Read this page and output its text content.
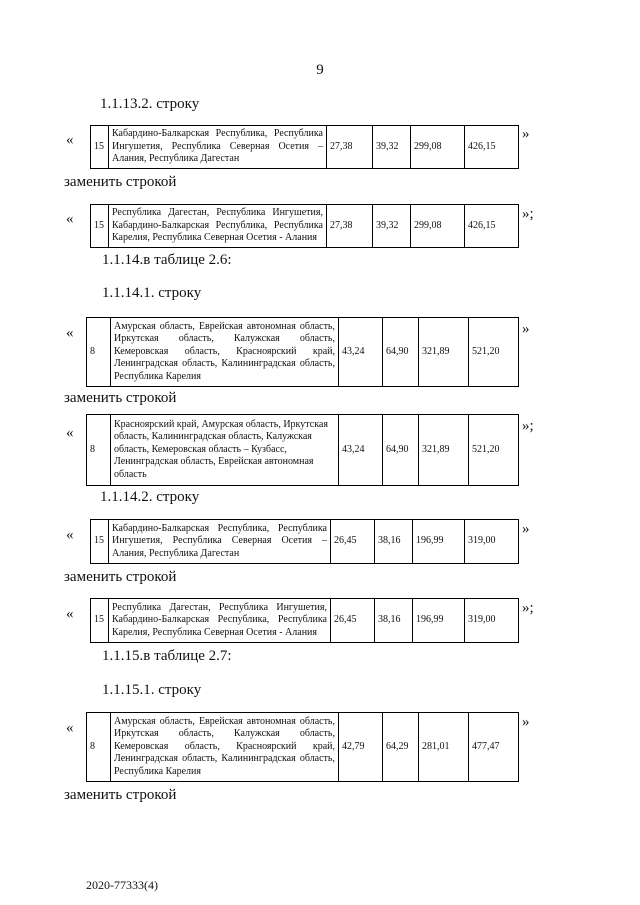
9
1.1.13.2. строку
« 15	Кабардино-Балкарская Республика, Республика Ингушетия, Республика Северная Осетия – Алания, Республика Дагестан	27,38	39,32	299,08	426,15
»
заменить строкой
« 15	Республика Дагестан, Республика Ингушетия, Кабардино-Балкарская Республика, Республика Карелия, Республика Северная Осетия - Алания	27,38	39,32	299,08	426,15
»;
1.1.14.в таблице 2.6:
1.1.14.1. строку
«
8	Амурская область, Еврейская автономная область, Иркутская область, Калужская область, Кемеровская область, Красноярский край, Ленинградская область, Калининградская область, Республика Карелия	43,24	64,90	321,89	521,20
»
заменить строкой
«
8	Красноярский край, Амурская область, Иркутская область, Калининградская область, Калужская область, Кемеровская область – Кузбасс, Ленинградская область, Еврейская автономная область	43,24	64,90	321,89	521,20
»;
1.1.14.2. строку
« 15	Кабардино-Балкарская Республика, Республика Ингушетия, Республика Северная Осетия – Алания, Республика Дагестан	26,45	38,16	196,99	319,00
»
заменить строкой
« 15	Республика Дагестан, Республика Ингушетия, Кабардино-Балкарская Республика, Республика Карелия, Республика Северная Осетия - Алания	26,45	38,16	196,99	319,00
»;
1.1.15.в таблице 2.7:
1.1.15.1. строку
«
8	Амурская область, Еврейская автономная область, Иркутская область, Калужская область, Кемеровская область, Красноярский край, Ленинградская область, Калининградская область, Республика Карелия	42,79	64,29	281,01	477,47
»
заменить строкой
2020-77333(4)
